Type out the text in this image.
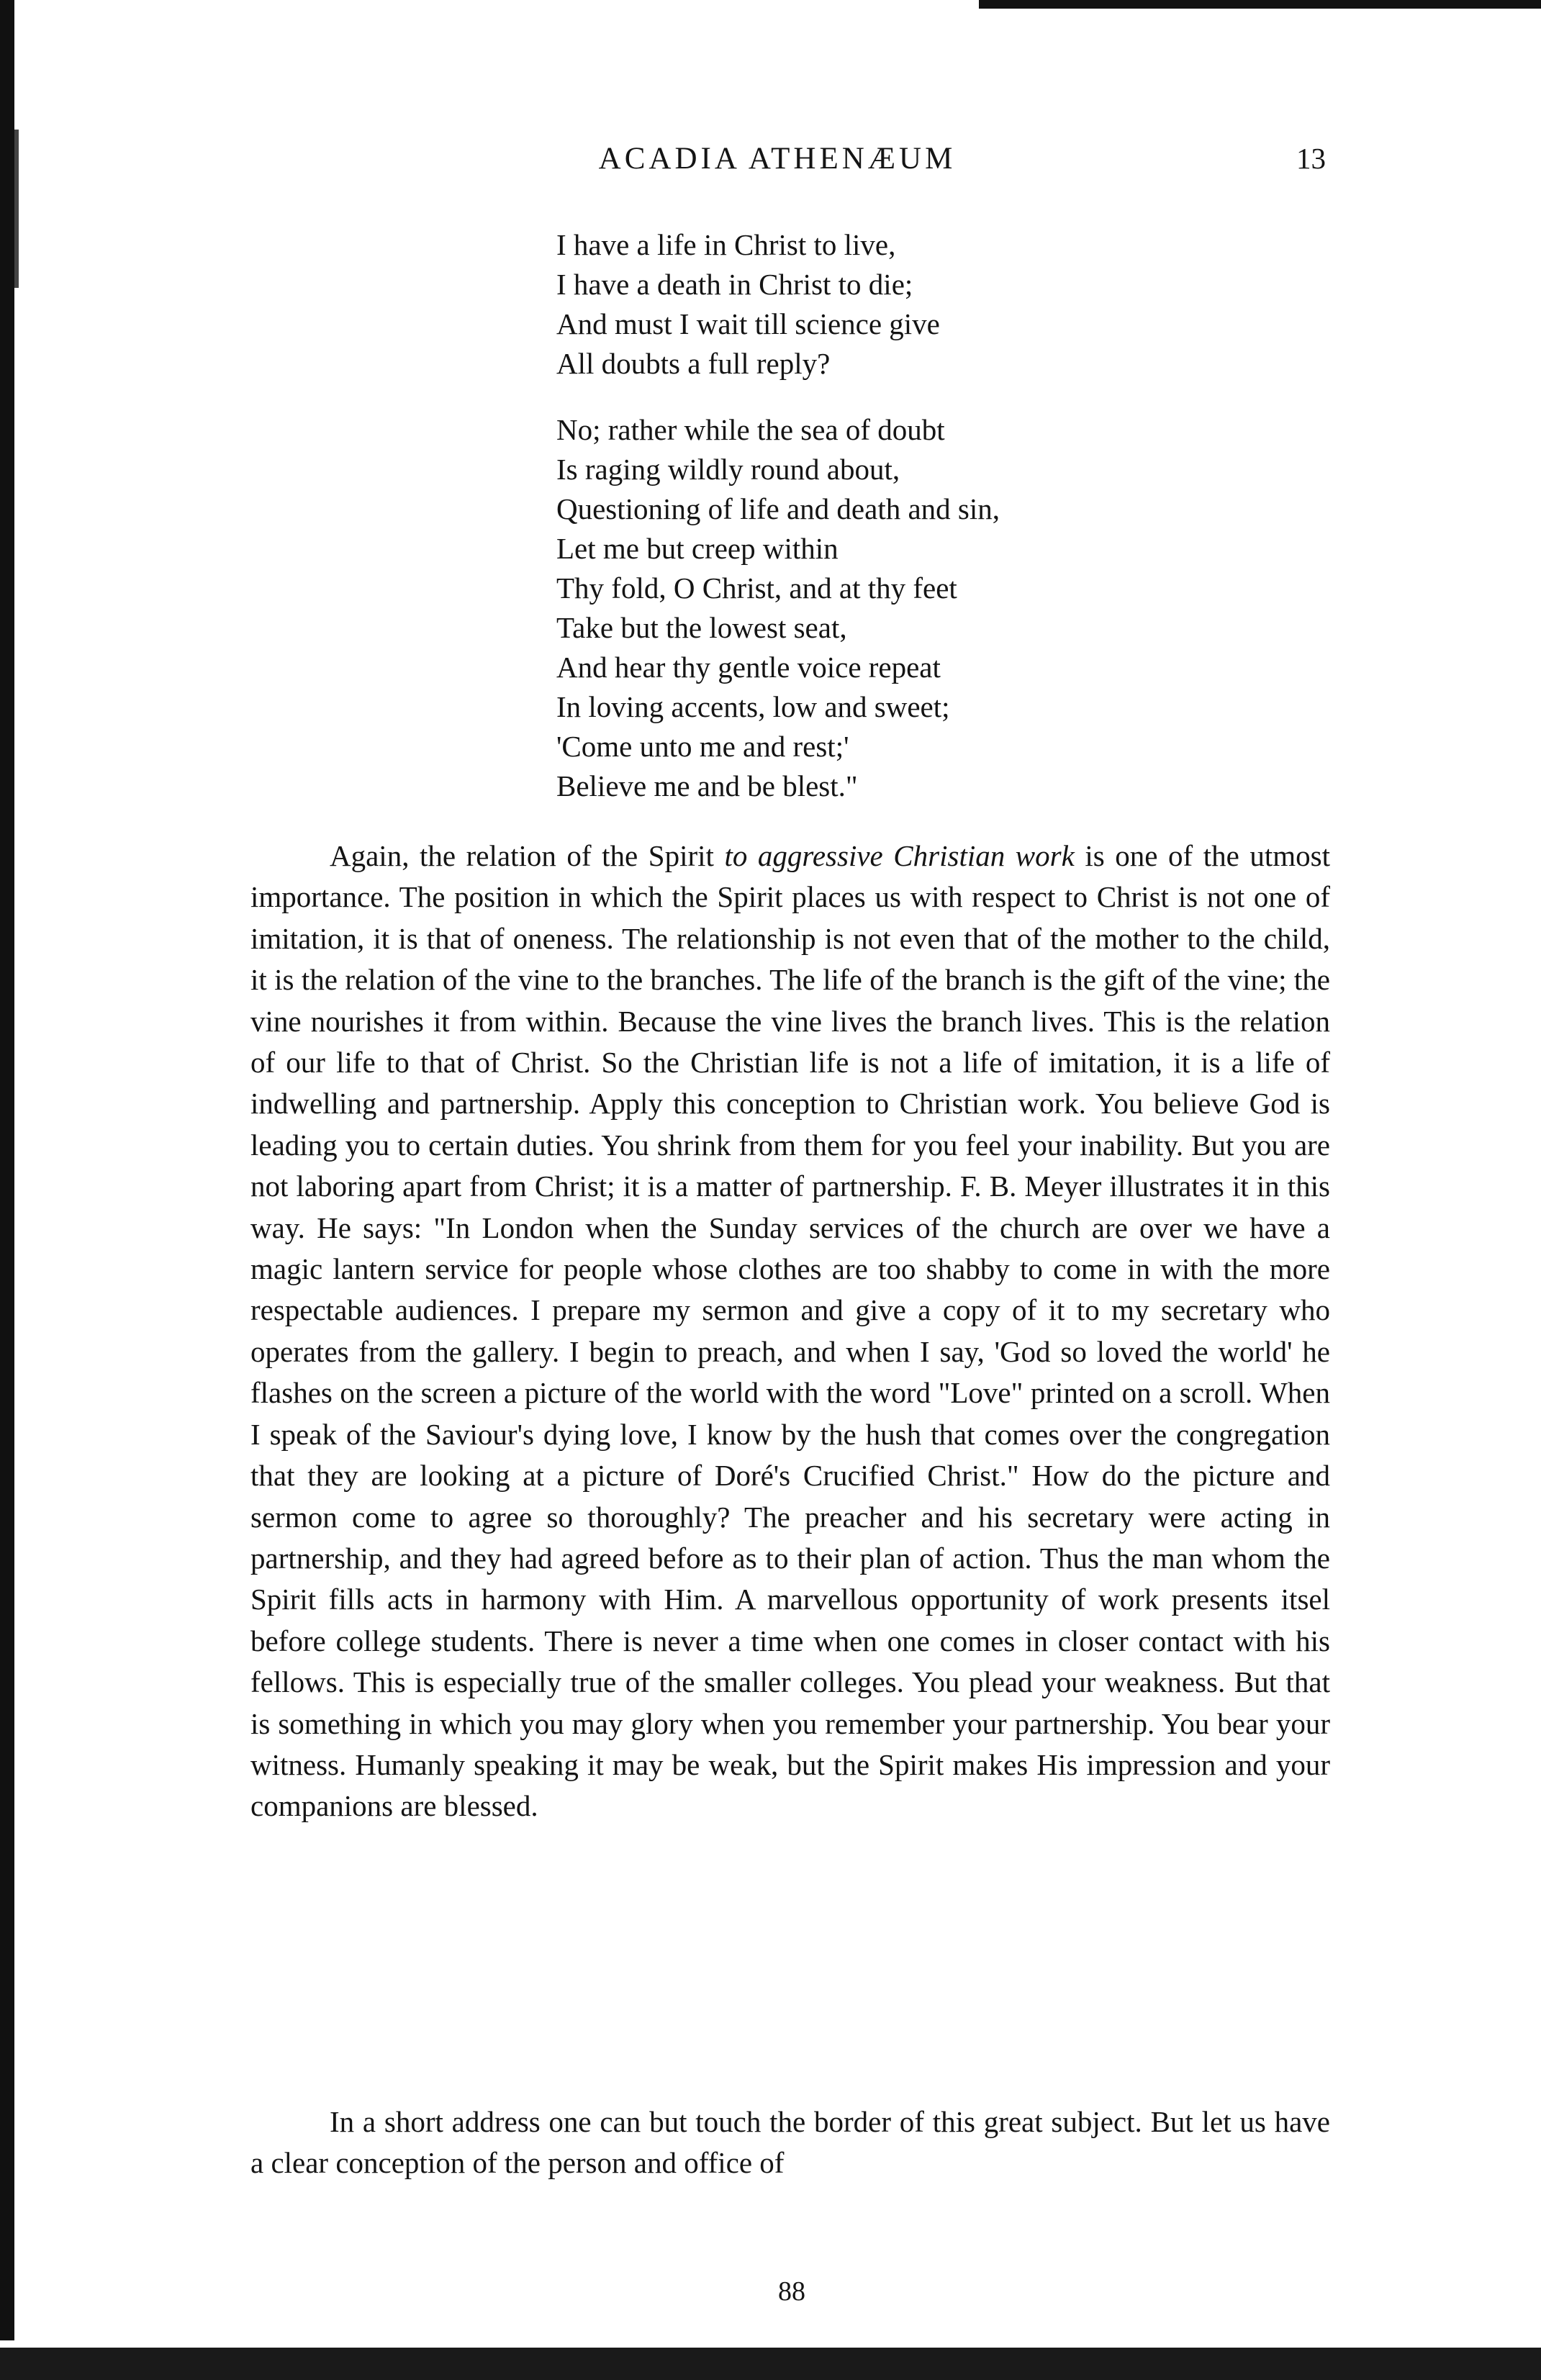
ACADIA ATHENÆUM	13
I have a life in Christ to live,
I have a death in Christ to die;
And must I wait till science give
All doubts a full reply?
No; rather while the sea of doubt
Is raging wildly round about,
Questioning of life and death and sin,
Let me but creep within
Thy fold, O Christ, and at thy feet
Take but the lowest seat,
And hear thy gentle voice repeat
In loving accents, low and sweet;
'Come unto me and rest;'
Believe me and be blest."
Again, the relation of the Spirit to aggressive Christian work is one of the utmost importance. The position in which the Spirit places us with respect to Christ is not one of imitation, it is that of oneness. The relationship is not even that of the mother to the child, it is the relation of the vine to the branches. The life of the branch is the gift of the vine; the vine nourishes it from within. Because the vine lives the branch lives. This is the relation of our life to that of Christ. So the Christian life is not a life of imitation, it is a life of indwelling and partnership. Apply this conception to Christian work. You believe God is leading you to certain duties. You shrink from them for you feel your inability. But you are not laboring apart from Christ; it is a matter of partnership. F. B. Meyer illustrates it in this way. He says: "In London when the Sunday services of the church are over we have a magic lantern service for people whose clothes are too shabby to come in with the more respectable audiences. I prepare my sermon and give a copy of it to my secretary who operates from the gallery. I begin to preach, and when I say, 'God so loved the world' he flashes on the screen a picture of the world with the word "Love" printed on a scroll. When I speak of the Saviour's dying love, I know by the hush that comes over the congregation that they are looking at a picture of Doré's Crucified Christ." How do the picture and sermon come to agree so thoroughly? The preacher and his secretary were acting in partnership, and they had agreed before as to their plan of action. Thus the man whom the Spirit fills acts in harmony with Him. A marvellous opportunity of work presents itsel before college students. There is never a time when one comes in closer contact with his fellows. This is especially true of the smaller colleges. You plead your weakness. But that is something in which you may glory when you remember your partnership. You bear your witness. Humanly speaking it may be weak, but the Spirit makes His impression and your companions are blessed.
In a short address one can but touch the border of this great subject. But let us have a clear conception of the person and office of
88
